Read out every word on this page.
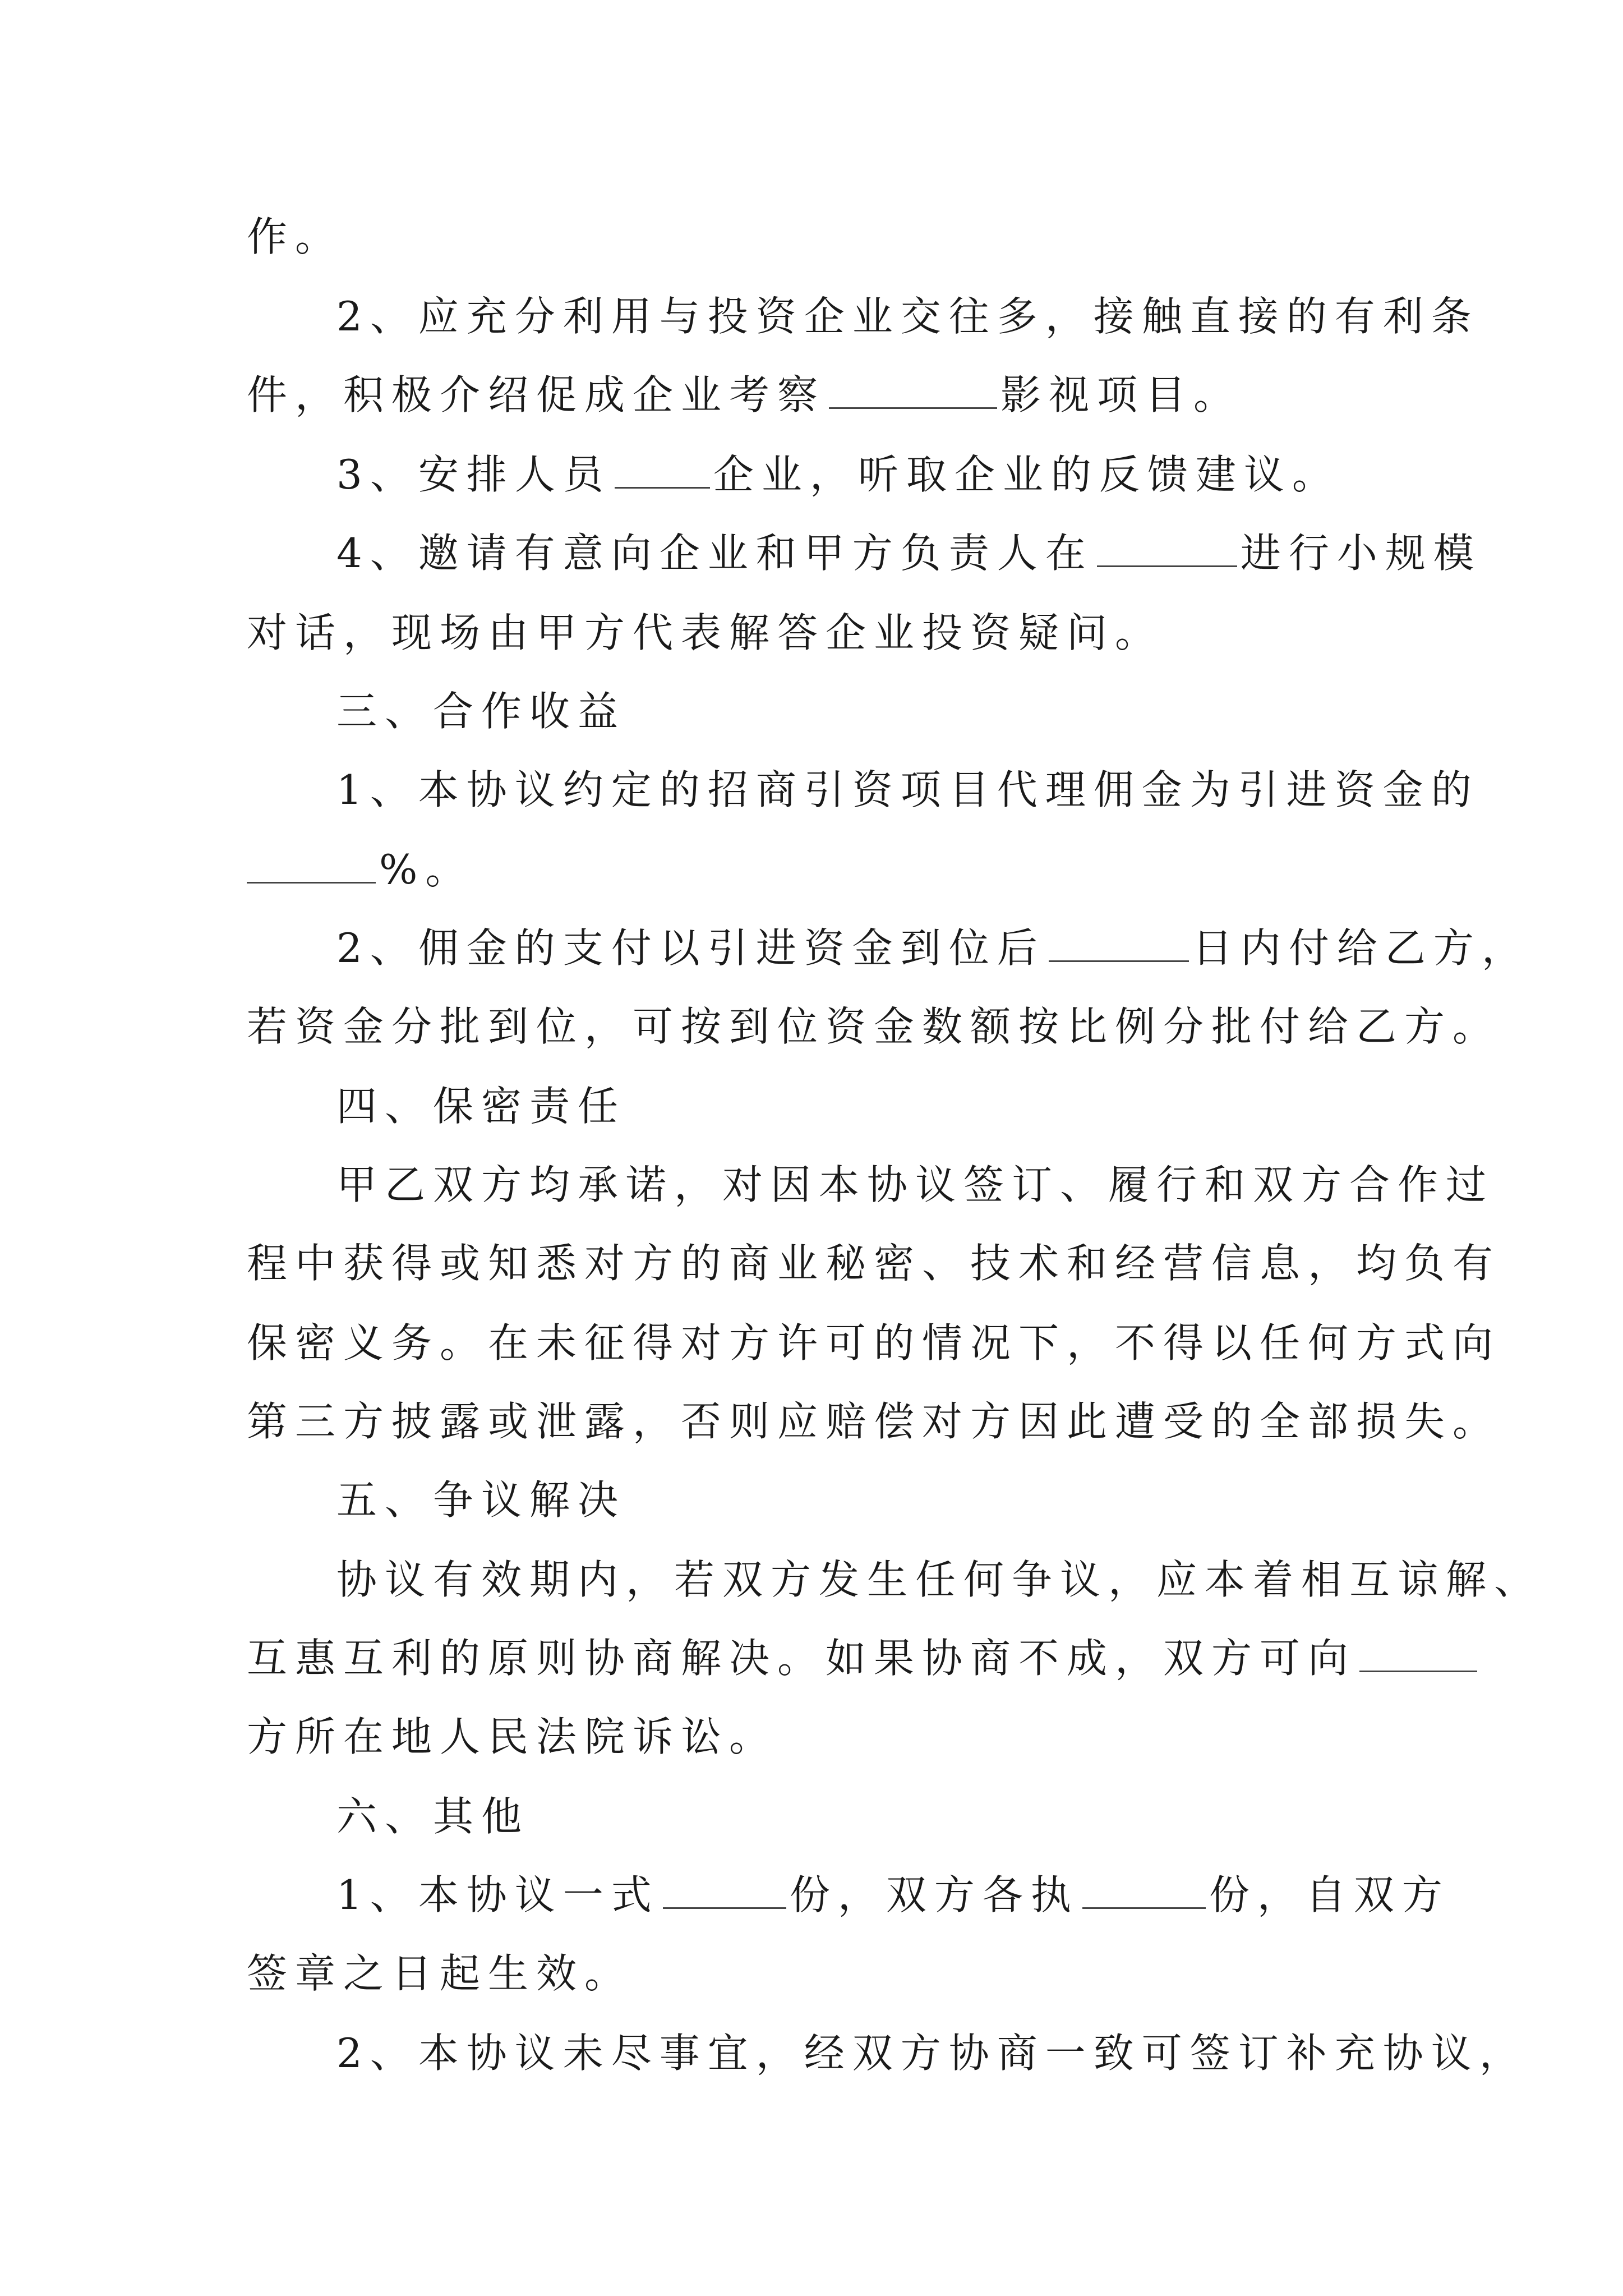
作。
2、应充分利用与投资企业交往多，接触直接的有利条
件，积极介绍促成企业考察	影视项目。
3、安排人员	企业，听取企业的反馈建议。
4、邀请有意向企业和甲方负责人在	进行小规模
对话，现场由甲方代表解答企业投资疑问。
三、合作收益
1、本协议约定的招商引资项目代理佣金为引进资金的
%。
2、佣金的支付以引进资金到位后	日内付给乙方，
若资金分批到位，可按到位资金数额按比例分批付给乙方。
四、保密责任
甲乙双方均承诺，对因本协议签订、履行和双方合作过
程中获得或知悉对方的商业秘密、技术和经营信息，均负有
保密义务。在未征得对方许可的情况下，不得以任何方式向
第三方披露或泄露，否则应赔偿对方因此遭受的全部损失。
五、争议解决
协议有效期内，若双方发生任何争议，应本着相互谅解、
互惠互利的原则协商解决。如果协商不成，双方可向
方所在地人民法院诉讼。
六、其他
1、本协议一式	份，双方各执	份，自双方
签章之日起生效。
2、本协议未尽事宜，经双方协商一致可签订补充协议，
